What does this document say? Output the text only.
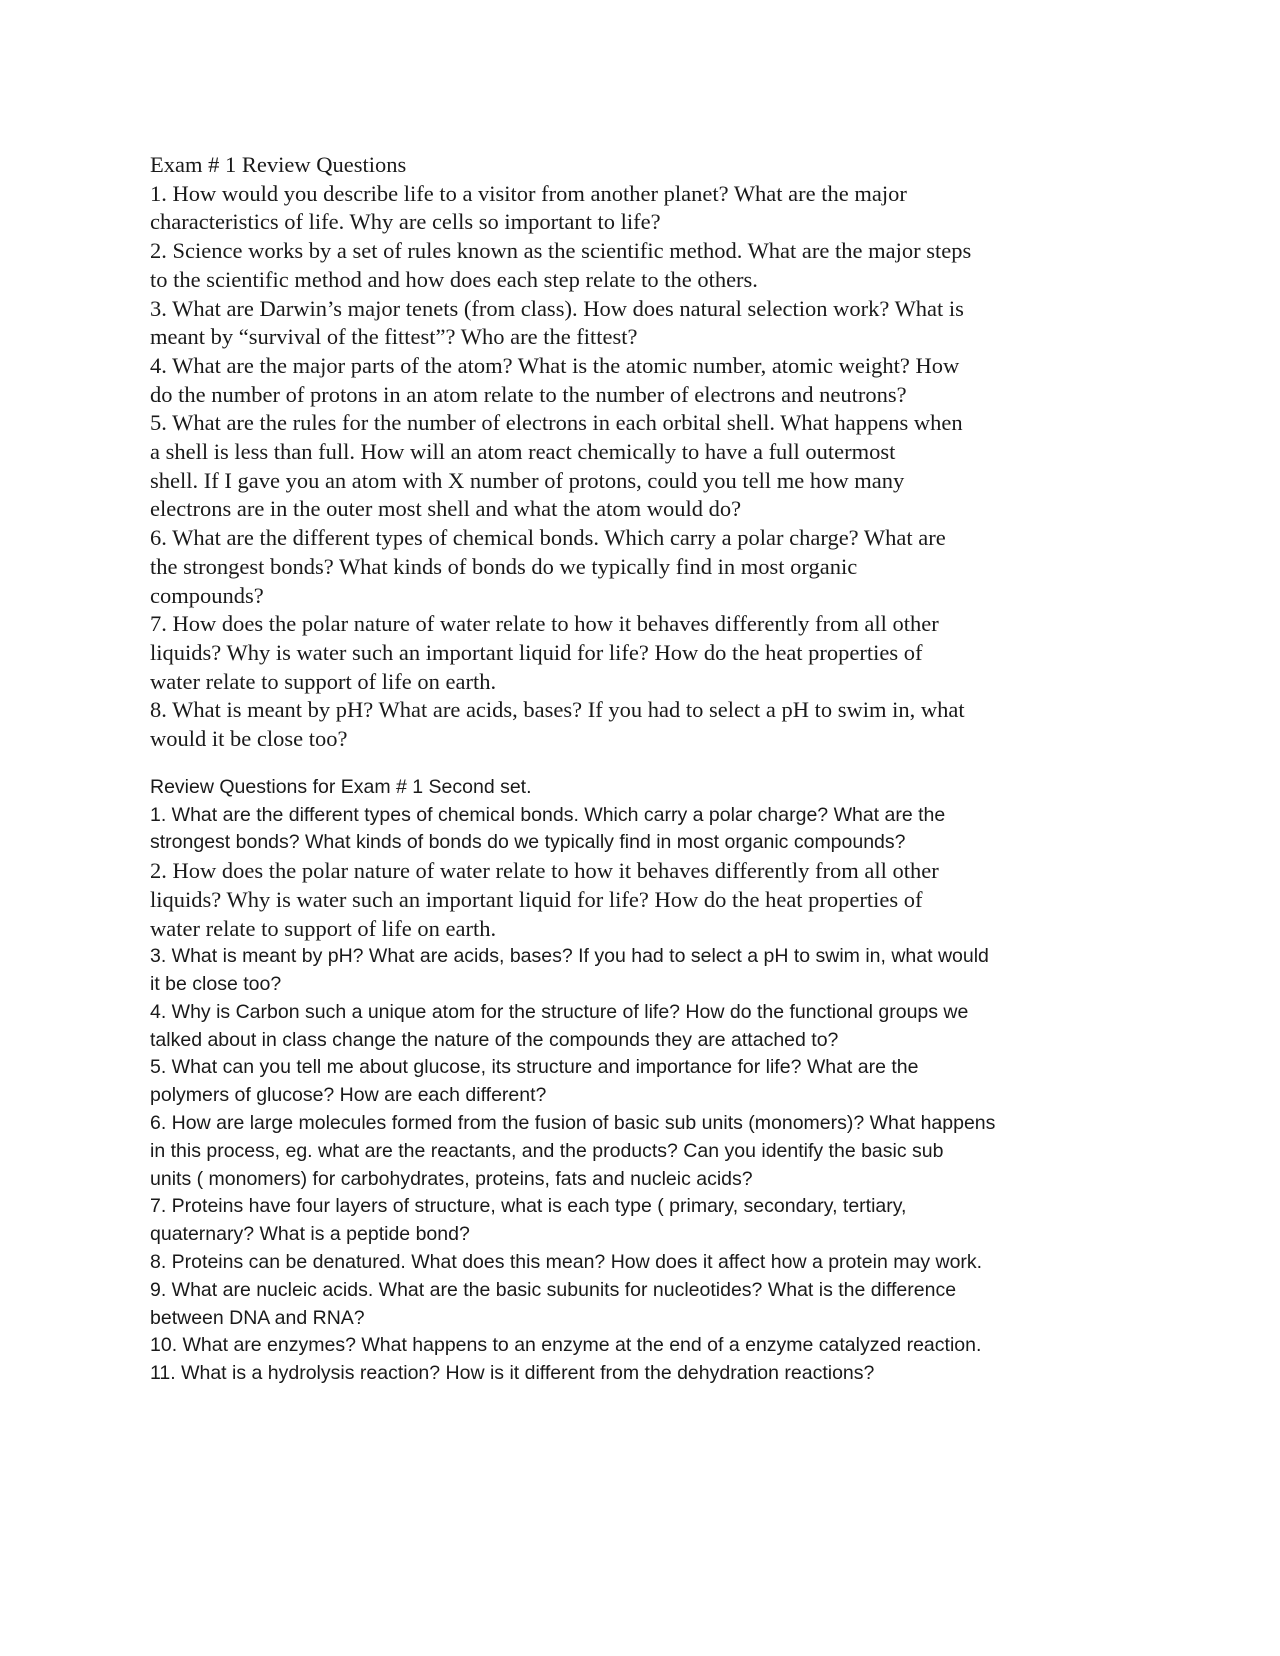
Exam # 1 Review Questions

1. How would you describe life to a visitor from another planet? What are the major

characteristics of life. Why are cells so important to life?

2. Science works by a set of rules known as the scientific method. What are the major steps

to the scientific method and how does each step relate to the others.

3. What are Darwin’s major tenets (from class). How does natural selection work? What is

meant by “survival of the fittest”? Who are the fittest?

4. What are the major parts of the atom? What is the atomic number, atomic weight? How

do the number of protons in an atom relate to the number of electrons and neutrons?

5. What are the rules for the number of electrons in each orbital shell. What happens when

a shell is less than full. How will an atom react chemically to have a full outermost

shell. If I gave you an atom with X number of protons, could you tell me how many

electrons are in the outer most shell and what the atom would do?

6. What are the different types of chemical bonds. Which carry a polar charge? What are

the strongest bonds? What kinds of bonds do we typically find in most organic

compounds?

7. How does the polar nature of water relate to how it behaves differently from all other

liquids? Why is water such an important liquid for life? How do the heat properties of

water relate to support of life on earth.

8. What is meant by pH? What are acids, bases? If you had to select a pH to swim in, what

would it be close too?

Review Questions for Exam # 1 Second set.

1. What are the different types of chemical bonds. Which carry a polar charge? What are the

strongest bonds? What kinds of bonds do we typically find in most organic compounds?

2. How does the polar nature of water relate to how it behaves differently from all other

liquids? Why is water such an important liquid for life? How do the heat properties of

water relate to support of life on earth.

3. What is meant by pH? What are acids, bases? If you had to select a pH to swim in, what would

it be close too?

4. Why is Carbon such a unique atom for the structure of life? How do the functional groups we

talked about in class change the nature of the compounds they are attached to?

5. What can you tell me about glucose, its structure and importance for life? What are the

polymers of glucose? How are each different?

6. How are large molecules formed from the fusion of basic sub units (monomers)? What happens

in this process, eg. what are the reactants, and the products? Can you identify the basic sub

units ( monomers) for carbohydrates, proteins, fats and nucleic acids?

7. Proteins have four layers of structure, what is each type ( primary, secondary, tertiary,

quaternary? What is a peptide bond?

8. Proteins can be denatured. What does this mean? How does it affect how a protein may work.

9. What are nucleic acids. What are the basic subunits for nucleotides? What is the difference

between DNA and RNA?

10. What are enzymes? What happens to an enzyme at the end of a enzyme catalyzed reaction.

11. What is a hydrolysis reaction? How is it different from the dehydration reactions?
